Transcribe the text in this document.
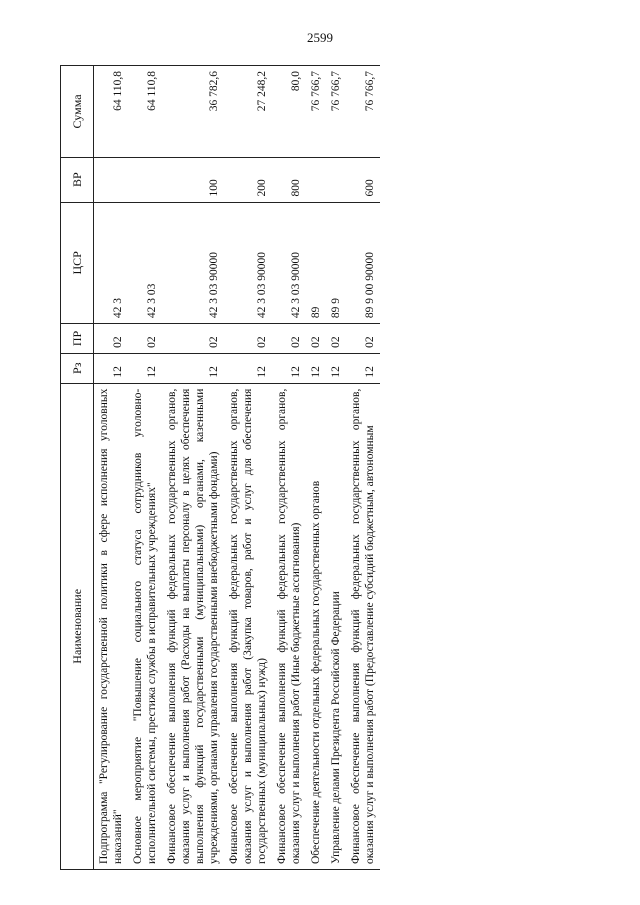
2599
Наименование	Рз	ПР	ЦСР	ВР	Сумма
Подпрограмма "Регулирование государственной политики в сфере исполнения уголовных наказаний"	12	02	42 3		64 110,8
Основное мероприятие "Повышение социального статуса сотрудников уголовно-исполнительной системы, престижа службы в исправительных учреждениях"	12	02	42 3 03		64 110,8
Финансовое обеспечение выполнения функций федеральных государственных органов, оказания услуг и выполнения работ (Расходы на выплаты персоналу в целях обеспечения выполнения функций государственными (муниципальными) органами, казенными учреждениями, органами управления государственными внебюджетными фондами)	12	02	42 3 03 90000	100	36 782,6
Финансовое обеспечение выполнения функций федеральных государственных органов, оказания услуг и выполнения работ (Закупка товаров, работ и услуг для обеспечения государственных (муниципальных) нужд)	12	02	42 3 03 90000	200	27 248,2
Финансовое обеспечение выполнения функций федеральных государственных органов, оказания услуг и выполнения работ (Иные бюджетные ассигнования)	12	02	42 3 03 90000	800	80,0
Обеспечение деятельности отдельных федеральных государственных органов	12	02	89		76 766,7
Управление делами Президента Российской Федерации	12	02	89 9		76 766,7
Финансовое обеспечение выполнения функций федеральных государственных органов, оказания услуг и выполнения работ (Предоставление субсидий бюджетным, автономным	12	02	89 9 00 90000	600	76 766,7
